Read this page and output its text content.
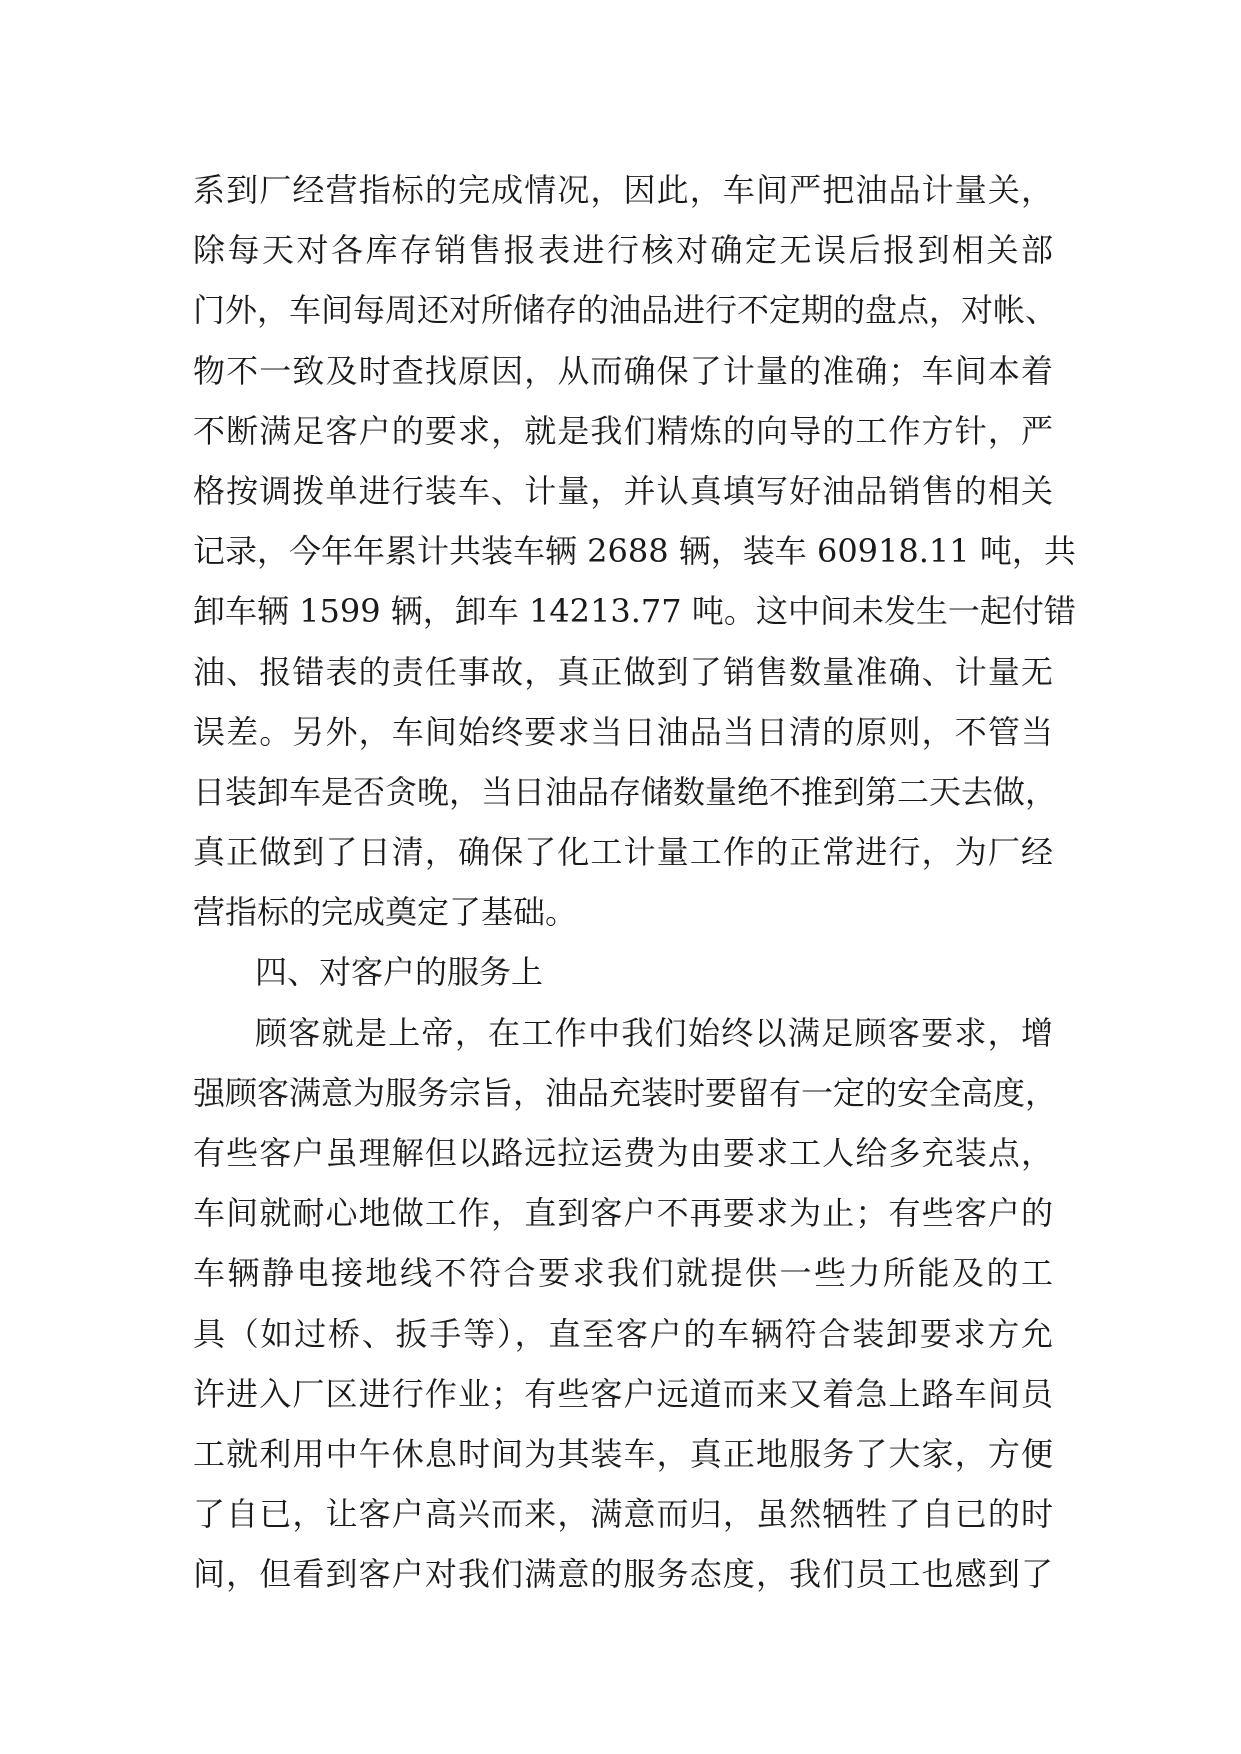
系到厂经营指标的完成情况，因此，车间严把油品计量关，
除每天对各库存销售报表进行核对确定无误后报到相关部
门外，车间每周还对所储存的油品进行不定期的盘点，对帐、
物不一致及时查找原因，从而确保了计量的准确；车间本着
不断满足客户的要求，就是我们精炼的向导的工作方针，严
格按调拨单进行装车、计量，并认真填写好油品销售的相关
记录，今年年累计共装车辆 2688 辆，装车 60918.11 吨，共
卸车辆 1599 辆，卸车 14213.77 吨。这中间未发生一起付错
油、报错表的责任事故，真正做到了销售数量准确、计量无
误差。另外，车间始终要求当日油品当日清的原则，不管当
日装卸车是否贪晚，当日油品存储数量绝不推到第二天去做，
真正做到了日清，确保了化工计量工作的正常进行，为厂经
营指标的完成奠定了基础。
四、对客户的服务上
顾客就是上帝，在工作中我们始终以满足顾客要求，增
强顾客满意为服务宗旨，油品充装时要留有一定的安全高度，
有些客户虽理解但以路远拉运费为由要求工人给多充装点，
车间就耐心地做工作，直到客户不再要求为止；有些客户的
车辆静电接地线不符合要求我们就提供一些力所能及的工
具（如过桥、扳手等），直至客户的车辆符合装卸要求方允
许进入厂区进行作业；有些客户远道而来又着急上路车间员
工就利用中午休息时间为其装车，真正地服务了大家，方便
了自已，让客户高兴而来，满意而归，虽然牺牲了自已的时
间，但看到客户对我们满意的服务态度，我们员工也感到了
